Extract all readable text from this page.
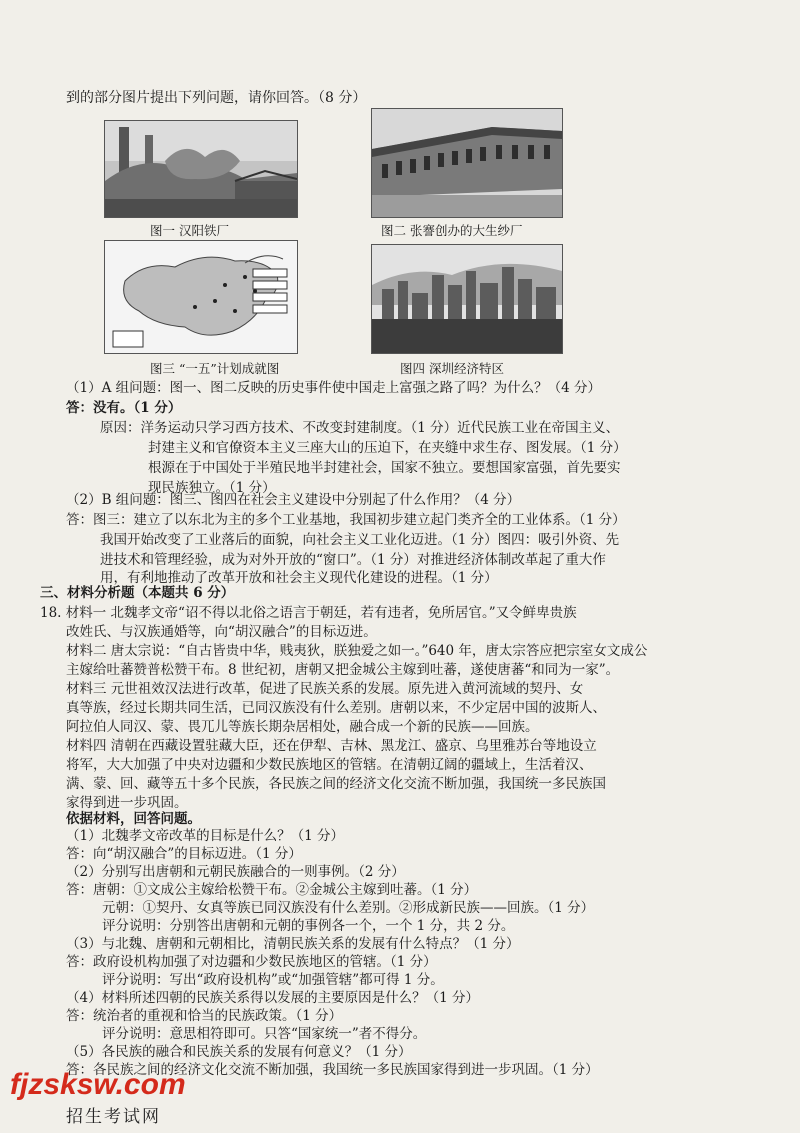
到的部分图片提出下列问题，请你回答。（8 分）
图一 汉阳铁厂	图二 张謇创办的大生纱厂
图三 “一五”计划成就图	图四 深圳经济特区
（1）A 组问题：图一、图二反映的历史事件使中国走上富强之路了吗？为什么？（4 分）
答：没有。（1 分）
原因：洋务运动只学习西方技术、不改变封建制度。（1 分）近代民族工业在帝国主义、
封建主义和官僚资本主义三座大山的压迫下，在夹缝中求生存、图发展。（1 分）
根源在于中国处于半殖民地半封建社会，国家不独立。要想国家富强，首先要实
现民族独立。（1 分）
（2）B 组问题：图三、图四在社会主义建设中分别起了什么作用？（4 分）
答：图三：建立了以东北为主的多个工业基地，我国初步建立起门类齐全的工业体系。（1 分）
我国开始改变了工业落后的面貌，向社会主义工业化迈进。（1 分）图四：吸引外资、先
进技术和管理经验，成为对外开放的“窗口”。（1 分）对推进经济体制改革起了重大作
用，有利地推动了改革开放和社会主义现代化建设的进程。（1 分）
三、材料分析题（本题共 6 分）
18. 材料一 北魏孝文帝“诏不得以北俗之语言于朝廷，若有违者，免所居官。”又令鲜卑贵族
改姓氏、与汉族通婚等，向“胡汉融合”的目标迈进。
材料二 唐太宗说：“自古皆贵中华，贱夷狄，朕独爱之如一。”640 年，唐太宗答应把宗室女文成公
主嫁给吐蕃赞普松赞干布。8 世纪初，唐朝又把金城公主嫁到吐蕃，遂使唐蕃“和同为一家”。
材料三 元世祖效汉法进行改革，促进了民族关系的发展。原先进入黄河流域的契丹、女
真等族，经过长期共同生活，已同汉族没有什么差别。唐朝以来，不少定居中国的波斯人、
阿拉伯人同汉、蒙、畏兀儿等族长期杂居相处，融合成一个新的民族——回族。
材料四 清朝在西藏设置驻藏大臣，还在伊犁、吉林、黑龙江、盛京、乌里雅苏台等地设立
将军，大大加强了中央对边疆和少数民族地区的管辖。在清朝辽阔的疆域上，生活着汉、
满、蒙、回、藏等五十多个民族，各民族之间的经济文化交流不断加强，我国统一多民族国
家得到进一步巩固。
依据材料，回答问题。
（1）北魏孝文帝改革的目标是什么？（1 分）
答：向“胡汉融合”的目标迈进。（1 分）
（2）分别写出唐朝和元朝民族融合的一则事例。（2 分）
答：唐朝：①文成公主嫁给松赞干布。②金城公主嫁到吐蕃。（1 分）
元朝：①契丹、女真等族已同汉族没有什么差别。②形成新民族——回族。（1 分）
评分说明：分别答出唐朝和元朝的事例各一个，一个 1 分，共 2 分。
（3）与北魏、唐朝和元朝相比，清朝民族关系的发展有什么特点？（1 分）
答：政府设机构加强了对边疆和少数民族地区的管辖。（1 分）
评分说明：写出“政府设机构”或“加强管辖”都可得 1 分。
（4）材料所述四朝的民族关系得以发展的主要原因是什么？（1 分）
答：统治者的重视和恰当的民族政策。（1 分）
评分说明：意思相符即可。只答“国家统一”者不得分。
（5）各民族的融合和民族关系的发展有何意义？（1 分）
答：各民族之间的经济文化交流不断加强，我国统一多民族国家得到进一步巩固。（1 分）
fjzsksw.com
招生考试网
